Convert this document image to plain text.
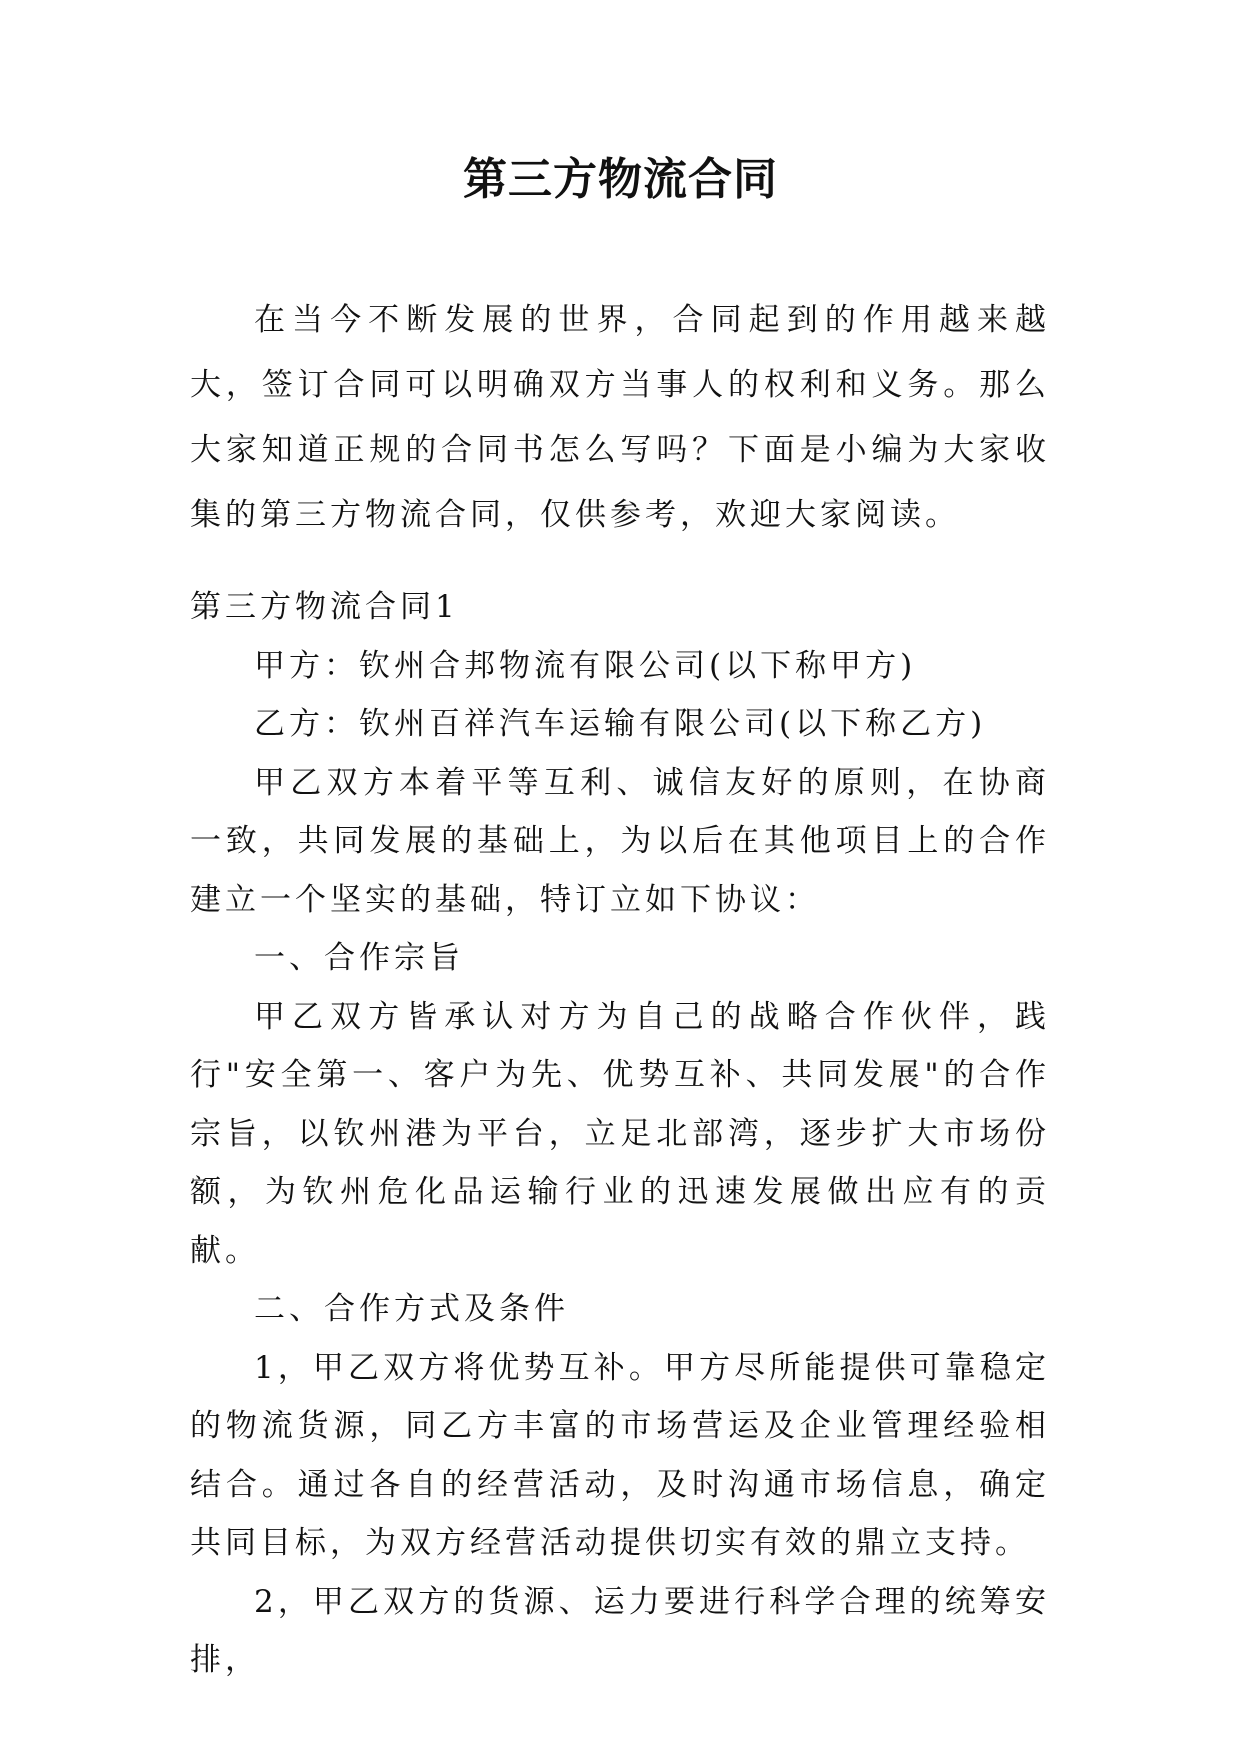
第三方物流合同

在当今不断发展的世界，合同起到的作用越来越大，签订合同可以明确双方当事人的权利和义务。那么大家知道正规的合同书怎么写吗？下面是小编为大家收集的第三方物流合同，仅供参考，欢迎大家阅读。

第三方物流合同1

甲方：钦州合邦物流有限公司(以下称甲方)

乙方：钦州百祥汽车运输有限公司(以下称乙方)

甲乙双方本着平等互利、诚信友好的原则，在协商一致，共同发展的基础上，为以后在其他项目上的合作建立一个坚实的基础，特订立如下协议：

一、合作宗旨

甲乙双方皆承认对方为自己的战略合作伙伴，践行"安全第一、客户为先、优势互补、共同发展"的合作宗旨，以钦州港为平台，立足北部湾，逐步扩大市场份额，为钦州危化品运输行业的迅速发展做出应有的贡献。

二、合作方式及条件

1，甲乙双方将优势互补。甲方尽所能提供可靠稳定的物流货源，同乙方丰富的市场营运及企业管理经验相结合。通过各自的经营活动，及时沟通市场信息，确定共同目标，为双方经营活动提供切实有效的鼎立支持。

2，甲乙双方的货源、运力要进行科学合理的统筹安排，
